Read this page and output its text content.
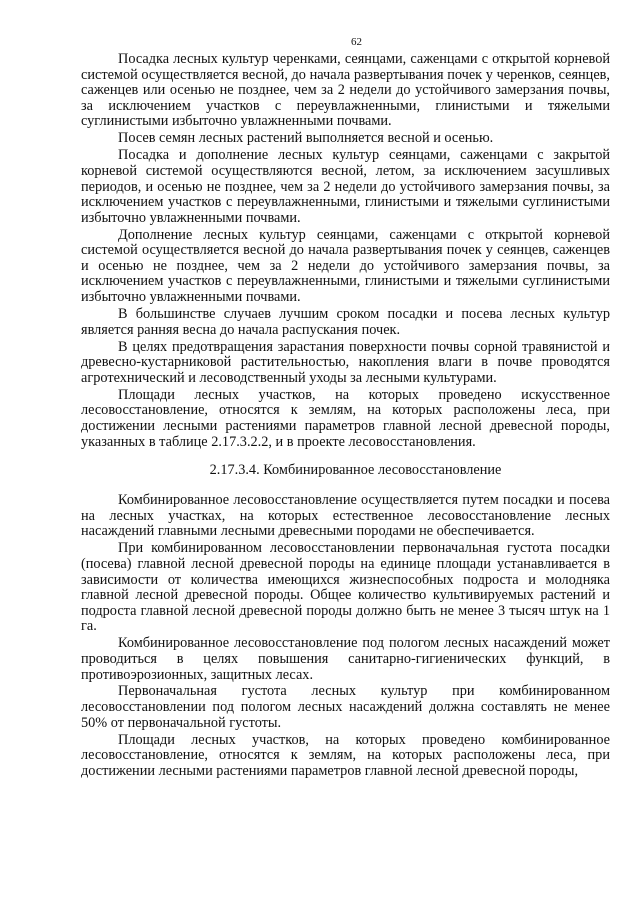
62

Посадка лесных культур черенками, сеянцами, саженцами с открытой корневой системой осуществляется весной, до начала развертывания почек у черенков, сеянцев, саженцев или осенью не позднее, чем за 2 недели до устойчивого замерзания почвы, за исключением участков с переувлажненными, глинистыми и тяжелыми суглинистыми избыточно увлажненными почвами.

Посев семян лесных растений выполняется весной и осенью.

Посадка и дополнение лесных культур сеянцами, саженцами с закрытой корневой системой осуществляются весной, летом, за исключением засушливых периодов, и осенью не позднее, чем за 2 недели до устойчивого замерзания почвы, за исключением участков с переувлажненными, глинистыми и тяжелыми суглинистыми избыточно увлажненными почвами.

Дополнение лесных культур сеянцами, саженцами с открытой корневой системой осуществляется весной до начала развертывания почек у сеянцев, саженцев и осенью не позднее, чем за 2 недели до устойчивого замерзания почвы, за исключением участков с переувлажненными, глинистыми и тяжелыми суглинистыми избыточно увлажненными почвами.

В большинстве случаев лучшим сроком посадки и посева лесных культур является ранняя весна до начала распускания почек.

В целях предотвращения зарастания поверхности почвы сорной травянистой и древесно-кустарниковой растительностью, накопления влаги в почве проводятся агротехнический и лесоводственный уходы за лесными культурами.

Площади лесных участков, на которых проведено искусственное лесовосстановление, относятся к землям, на которых расположены леса, при достижении лесными растениями параметров главной лесной древесной породы, указанных в таблице 2.17.3.2.2, и в проекте лесовосстановления.

2.17.3.4. Комбинированное лесовосстановление

Комбинированное лесовосстановление осуществляется путем посадки и посева на лесных участках, на которых естественное лесовосстановление лесных насаждений главными лесными древесными породами не обеспечивается.

При комбинированном лесовосстановлении первоначальная густота посадки (посева) главной лесной древесной породы на единице площади устанавливается в зависимости от количества имеющихся жизнеспособных подроста и молодняка главной лесной древесной породы. Общее количество культивируемых растений и подроста главной лесной древесной породы должно быть не менее 3 тысяч штук на 1 га.

Комбинированное лесовосстановление под пологом лесных насаждений может проводиться в целях повышения санитарно-гигиенических функций, в противоэрозионных, защитных лесах.

Первоначальная густота лесных культур при комбинированном лесовосстановлении под пологом лесных насаждений должна составлять не менее 50% от первоначальной густоты.

Площади лесных участков, на которых проведено комбинированное лесовосстановление, относятся к землям, на которых расположены леса, при достижении лесными растениями параметров главной лесной древесной породы,
